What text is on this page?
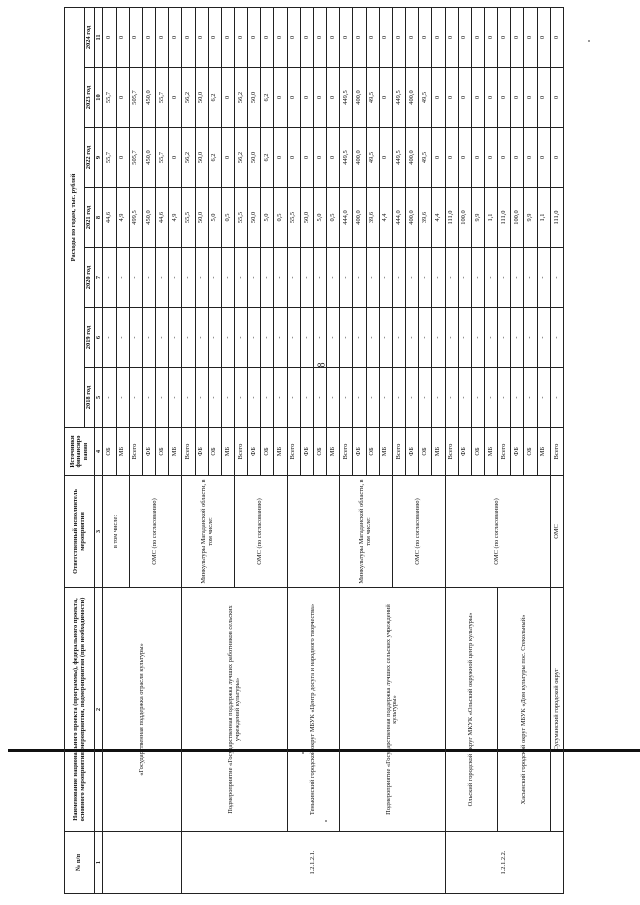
8
№ п/п	Наименование национального проекта (программы), федерального проекта, основного мероприятия, мероприятия, подмероприятия (при необходимости)	Ответственный исполнитель мероприятия	Источники финансиро вания	Расходы по годам, тыс. рублей						
				2018 год	2019 год	2020 год	2021 год	2022 год	2023 год	2024 год
1	2	3	4	5	6	7	8	9	10	11
	«Государственная поддержка отрасли культуры»	в том числе:	ОБ	-	-	-	44,6	55,7	55,7	0
			МБ	-	-	-	4,9	0	0	0
		ОМС (по согласованию)	Всего	-	-	-	499,5	505,7	505,7	0
			ФБ	-	-	-	450,0	450,0	450,0	0
			ОБ	-	-	-	44,6	55,7	55,7	0
			МБ	-	-	-	4,9	0	0	0
1.2.1.2.1.	Подмероприятие «Государственная поддержка лучших работников сельских учреждений культуры»	Минкультуры Магаданской области, в том числе:	Всего	-	-	-	55,5	56,2	56,2	0
			ФБ	-	-	-	50,0	50,0	50,0	0
			ОБ	-	-	-	5,0	6,2	6,2	0
			МБ	-	-	-	0,5	0	0	0
		ОМС (по согласованию)	Всего	-	-	-	55,5	56,2	56,2	0
			ФБ	-	-	-	50,0	50,0	50,0	0
			ОБ	-	-	-	5,0	6,2	6,2	0
			МБ	-	-	-	0,5	0	0	0
	Тенькинский городской округ МБУК «Центр досуга и народного творчества»		Всего	-	-	-	55,5	0	0	0
			ФБ	-	-	-	50,0	0	0	0
			ОБ	-	-	-	5,0	0	0	0
			МБ	-	-	-	0,5	0	0	0
	Подмероприятие «Государственная поддержка лучших сельских учреждений культуры»	Минкультуры Магаданской области, в том числе:	Всего	-	-	-	444,0	449,5	449,5	0
			ФБ	-	-	-	400,0	400,0	400,0	0
			ОБ	-	-	-	39,6	49,5	49,5	0
			МБ	-	-	-	4,4	0	0	0
		ОМС (по согласованию)	Всего	-	-	-	444,0	449,5	449,5	0
			ФБ	-	-	-	400,0	400,0	400,0	0
			ОБ	-	-	-	39,6	49,5	49,5	0
			МБ	-	-	-	4,4	0	0	0
1.2.1.2.2.	Ольский городской округ МКУК «Ольский окружной центр культуры»	ОМС (по согласованию)	Всего	-	-	-	111,0	0	0	0
			ФБ	-	-	-	100,0	0	0	0
			ОБ	-	-	-	9,9	0	0	0
			МБ	-	-	-	1,1	0	0	0
	Хасынский городской округ МБУК «Дом культуры пос. Стекольный»		Всего	-	-	-	111,0	0	0	0
			ФБ	-	-	-	100,0	0	0	0
			ОБ	-	-	-	9,9	0	0	0
			МБ	-	-	-	1,1	0	0	0
	Сусуманский городской округ	ОМС	Всего	-	-	-	111,0	0	0	0
